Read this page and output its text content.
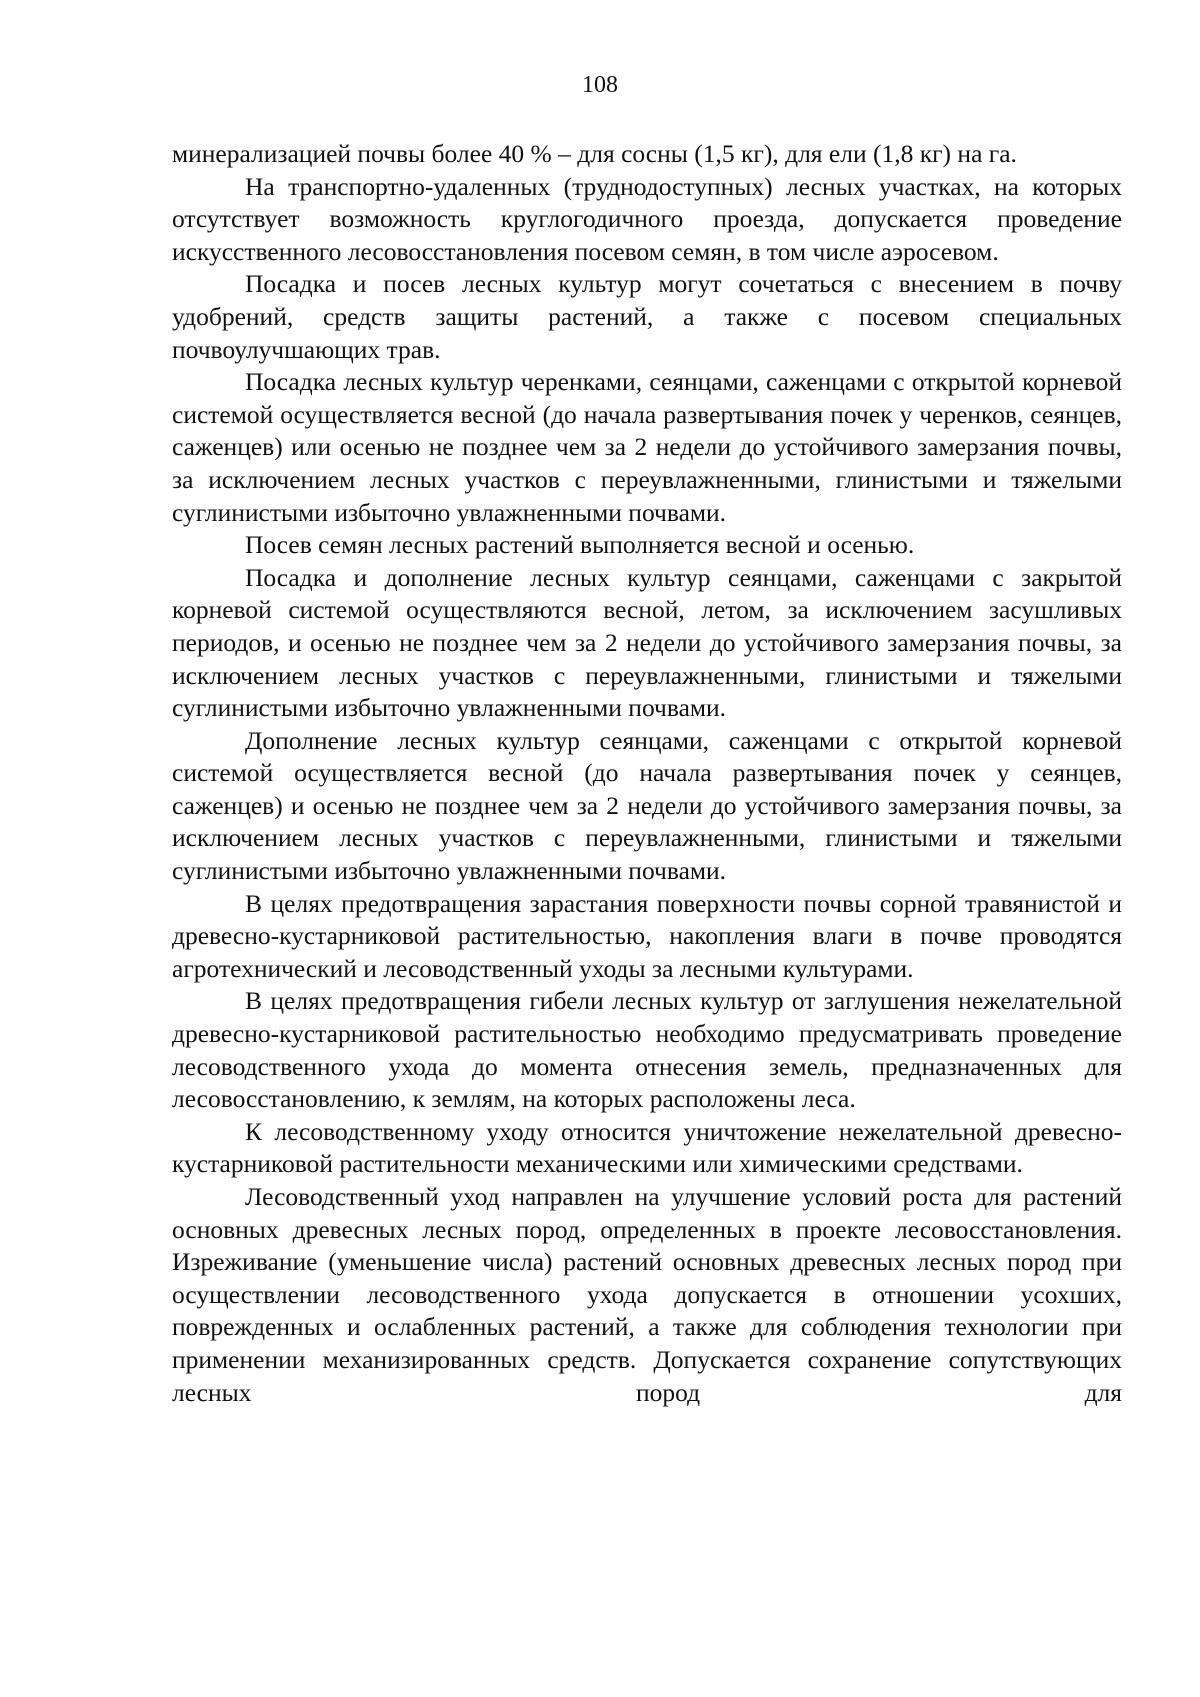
108

минерализацией почвы более 40 % – для сосны (1,5 кг), для ели (1,8 кг) на га.

На транспортно-удаленных (труднодоступных) лесных участках, на которых отсутствует возможность круглогодичного проезда, допускается проведение искусственного лесовосстановления посевом семян, в том числе аэросевом.

Посадка и посев лесных культур могут сочетаться с внесением в почву удобрений, средств защиты растений, а также с посевом специальных почвоулучшающих трав.

Посадка лесных культур черенками, сеянцами, саженцами с открытой корневой системой осуществляется весной (до начала развертывания почек у черенков, сеянцев, саженцев) или осенью не позднее чем за 2 недели до устойчивого замерзания почвы, за исключением лесных участков с переувлажненными, глинистыми и тяжелыми суглинистыми избыточно увлажненными почвами.

Посев семян лесных растений выполняется весной и осенью.

Посадка и дополнение лесных культур сеянцами, саженцами с закрытой корневой системой осуществляются весной, летом, за исключением засушливых периодов, и осенью не позднее чем за 2 недели до устойчивого замерзания почвы, за исключением лесных участков с переувлажненными, глинистыми и тяжелыми суглинистыми избыточно увлажненными почвами.

Дополнение лесных культур сеянцами, саженцами с открытой корневой системой осуществляется весной (до начала развертывания почек у сеянцев, саженцев) и осенью не позднее чем за 2 недели до устойчивого замерзания почвы, за исключением лесных участков с переувлажненными, глинистыми и тяжелыми суглинистыми избыточно увлажненными почвами.

В целях предотвращения зарастания поверхности почвы сорной травянистой и древесно-кустарниковой растительностью, накопления влаги в почве проводятся агротехнический и лесоводственный уходы за лесными культурами.

В целях предотвращения гибели лесных культур от заглушения нежелательной древесно-кустарниковой растительностью необходимо предусматривать проведение лесоводственного ухода до момента отнесения земель, предназначенных для лесовосстановлению, к землям, на которых расположены леса.

К лесоводственному уходу относится уничтожение нежелательной древесно-кустарниковой растительности механическими или химическими средствами.

Лесоводственный уход направлен на улучшение условий роста для растений основных древесных лесных пород, определенных в проекте лесовосстановления. Изреживание (уменьшение числа) растений основных древесных лесных пород при осуществлении лесоводственного ухода допускается в отношении усохших, поврежденных и ослабленных растений, а также для соблюдения технологии при применении механизированных средств. Допускается сохранение сопутствующих лесных пород для
